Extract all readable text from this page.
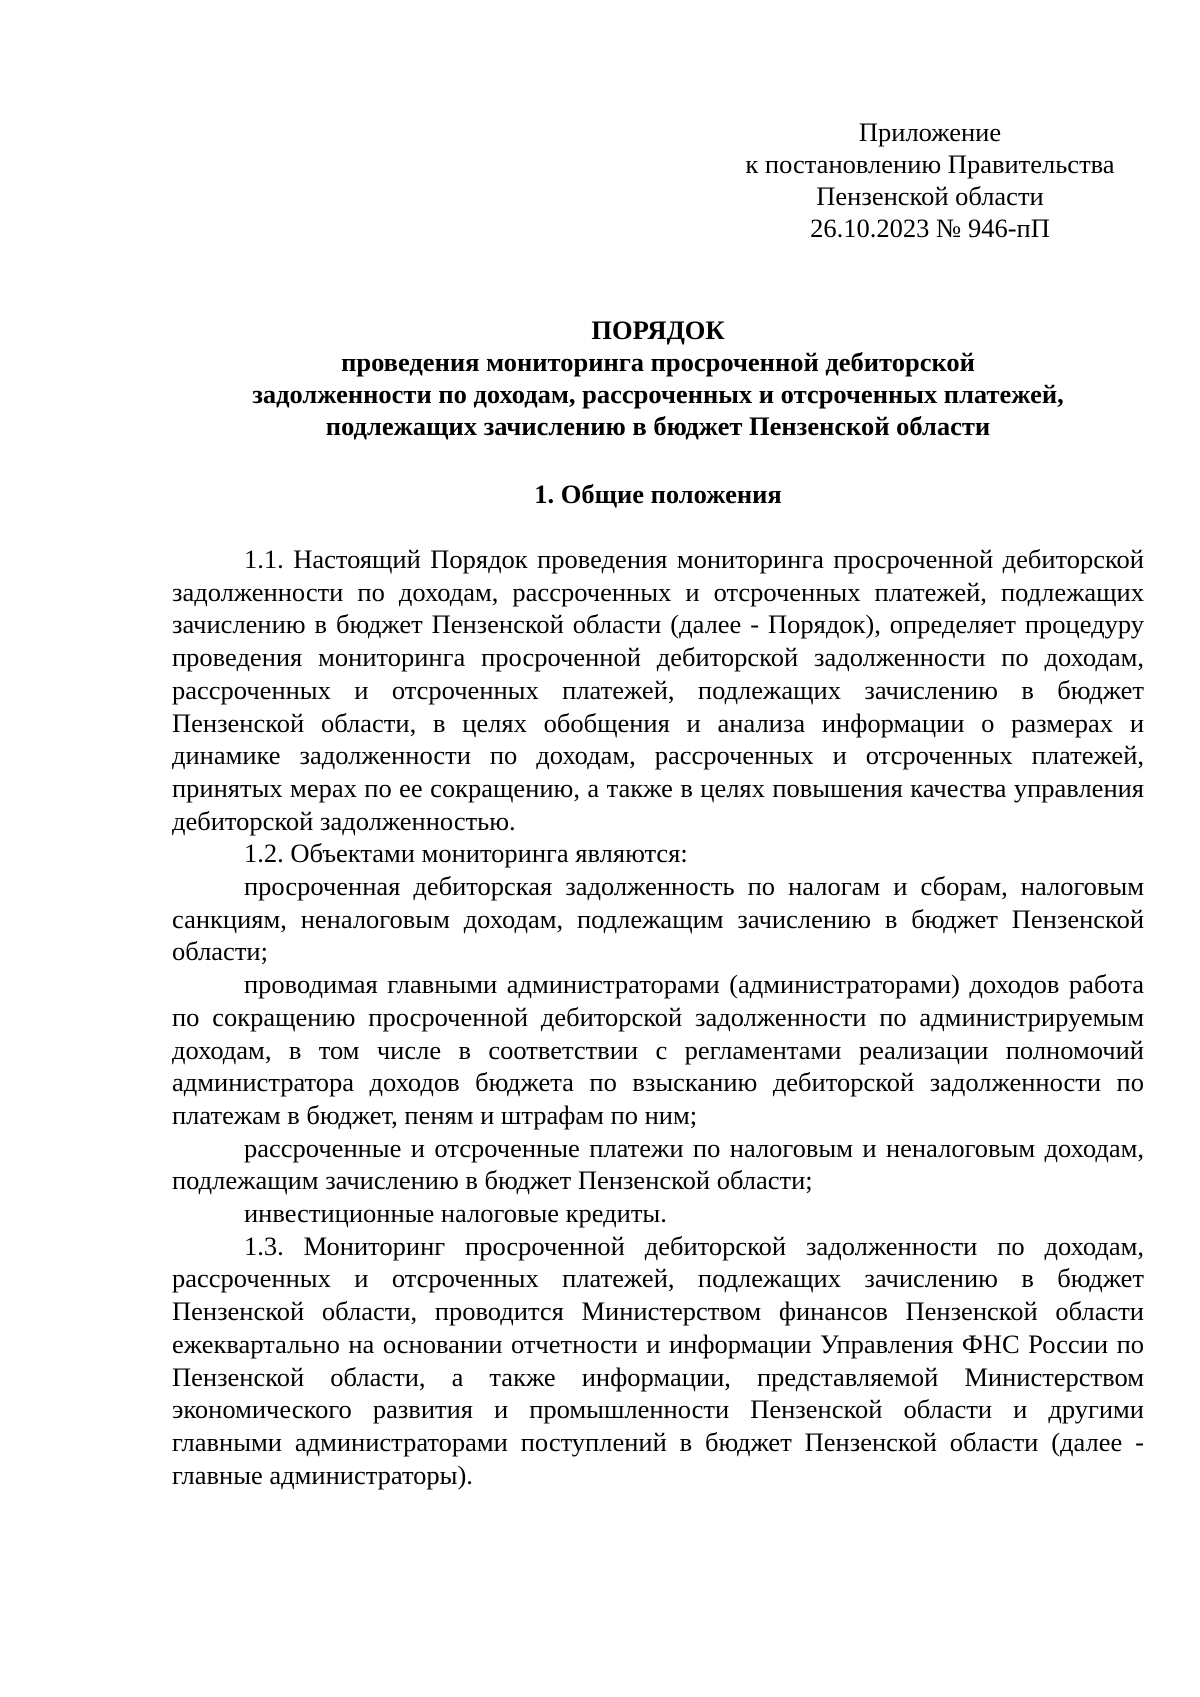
Приложение
к постановлению Правительства
Пензенской области
26.10.2023 № 946-пП
ПОРЯДОК
проведения мониторинга просроченной дебиторской
задолженности по доходам, рассроченных и отсроченных платежей,
подлежащих зачислению в бюджет Пензенской области
1. Общие положения

1.1. Настоящий Порядок проведения мониторинга просроченной дебиторской задолженности по доходам, рассроченных и отсроченных платежей, подлежащих зачислению в бюджет Пензенской области (далее - Порядок), определяет процедуру проведения мониторинга просроченной дебиторской задолженности по доходам, рассроченных и отсроченных платежей, подлежащих зачислению в бюджет Пензенской области, в целях обобщения и анализа информации о размерах и динамике задолженности по доходам, рассроченных и отсроченных платежей, принятых мерах по ее сокращению, а также в целях повышения качества управления дебиторской задолженностью.

1.2. Объектами мониторинга являются:

просроченная дебиторская задолженность по налогам и сборам, налоговым санкциям, неналоговым доходам, подлежащим зачислению в бюджет Пензенской области;

проводимая главными администраторами (администраторами) доходов работа по сокращению просроченной дебиторской задолженности по администрируемым доходам, в том числе в соответствии с регламентами реализации полномочий администратора доходов бюджета по взысканию дебиторской задолженности по платежам в бюджет, пеням и штрафам по ним;

рассроченные и отсроченные платежи по налоговым и неналоговым доходам, подлежащим зачислению в бюджет Пензенской области;

инвестиционные налоговые кредиты.

1.3. Мониторинг просроченной дебиторской задолженности по доходам, рассроченных и отсроченных платежей, подлежащих зачислению в бюджет Пензенской области, проводится Министерством финансов Пензенской области ежеквартально на основании отчетности и информации Управления ФНС России по Пензенской области, а также информации, представляемой Министерством экономического развития и промышленности Пензенской области и другими главными администраторами поступлений в бюджет Пензенской области (далее - главные администраторы).
